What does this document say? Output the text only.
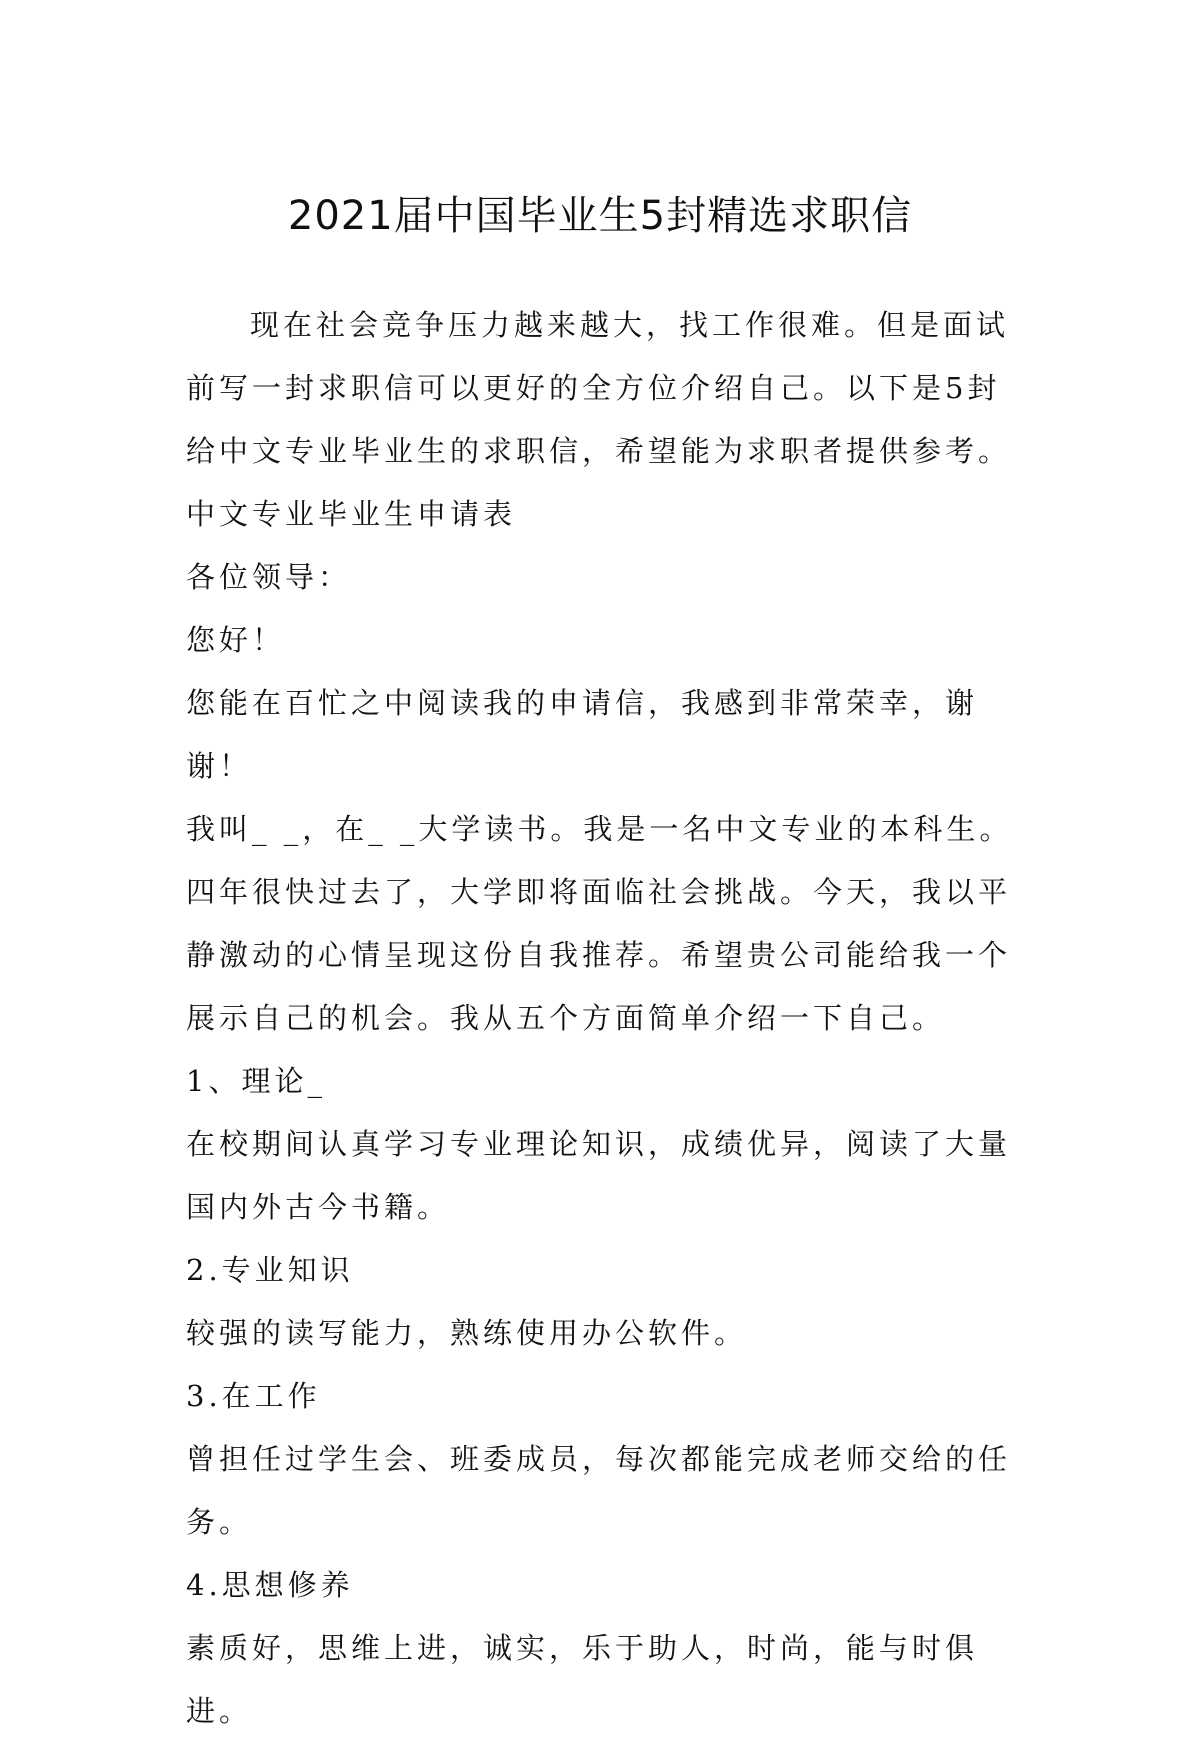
2021届中国毕业生5封精选求职信

现在社会竞争压力越来越大，找工作很难。但是面试前写一封求职信可以更好的全方位介绍自己。以下是5封给中文专业毕业生的求职信，希望能为求职者提供参考。

中文专业毕业生申请表

各位领导：

您好！

您能在百忙之中阅读我的申请信，我感到非常荣幸，谢谢！

我叫_ _，在_ _大学读书。我是一名中文专业的本科生。四年很快过去了，大学即将面临社会挑战。今天，我以平静激动的心情呈现这份自我推荐。希望贵公司能给我一个展示自己的机会。我从五个方面简单介绍一下自己。

1、理论_

在校期间认真学习专业理论知识，成绩优异，阅读了大量国内外古今书籍。

2.专业知识

较强的读写能力，熟练使用办公软件。

3.在工作

曾担任过学生会、班委成员，每次都能完成老师交给的任务。

4.思想修养

素质好，思维上进，诚实，乐于助人，时尚，能与时俱进。
